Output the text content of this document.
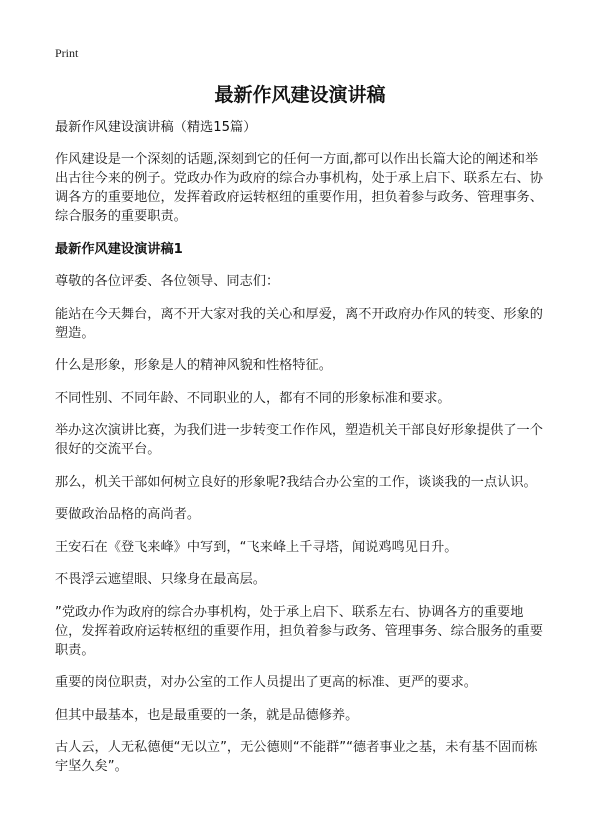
Print
最新作风建设演讲稿
最新作风建设演讲稿（精选15篇）
作风建设是一个深刻的话题,深刻到它的任何一方面,都可以作出长篇大论的阐述和举出古往今来的例子。党政办作为政府的综合办事机构，处于承上启下、联系左右、协调各方的重要地位，发挥着政府运转枢纽的重要作用，担负着参与政务、管理事务、综合服务的重要职责。
最新作风建设演讲稿1
尊敬的各位评委、各位领导、同志们：
能站在今天舞台，离不开大家对我的关心和厚爱，离不开政府办作风的转变、形象的塑造。
什么是形象，形象是人的精神风貌和性格特征。
不同性别、不同年龄、不同职业的人，都有不同的形象标准和要求。
举办这次演讲比赛，为我们进一步转变工作作风，塑造机关干部良好形象提供了一个很好的交流平台。
那么，机关干部如何树立良好的形象呢?我结合办公室的工作，谈谈我的一点认识。
要做政治品格的高尚者。
王安石在《登飞来峰》中写到，“飞来峰上千寻塔，闻说鸡鸣见日升。
不畏浮云遮望眼、只缘身在最高层。
”党政办作为政府的综合办事机构，处于承上启下、联系左右、协调各方的重要地位，发挥着政府运转枢纽的重要作用，担负着参与政务、管理事务、综合服务的重要职责。
重要的岗位职责，对办公室的工作人员提出了更高的标准、更严的要求。
但其中最基本，也是最重要的一条，就是品德修养。
古人云，人无私德便“无以立”，无公德则“不能群”“德者事业之基，未有基不固而栋宇坚久矣”。
